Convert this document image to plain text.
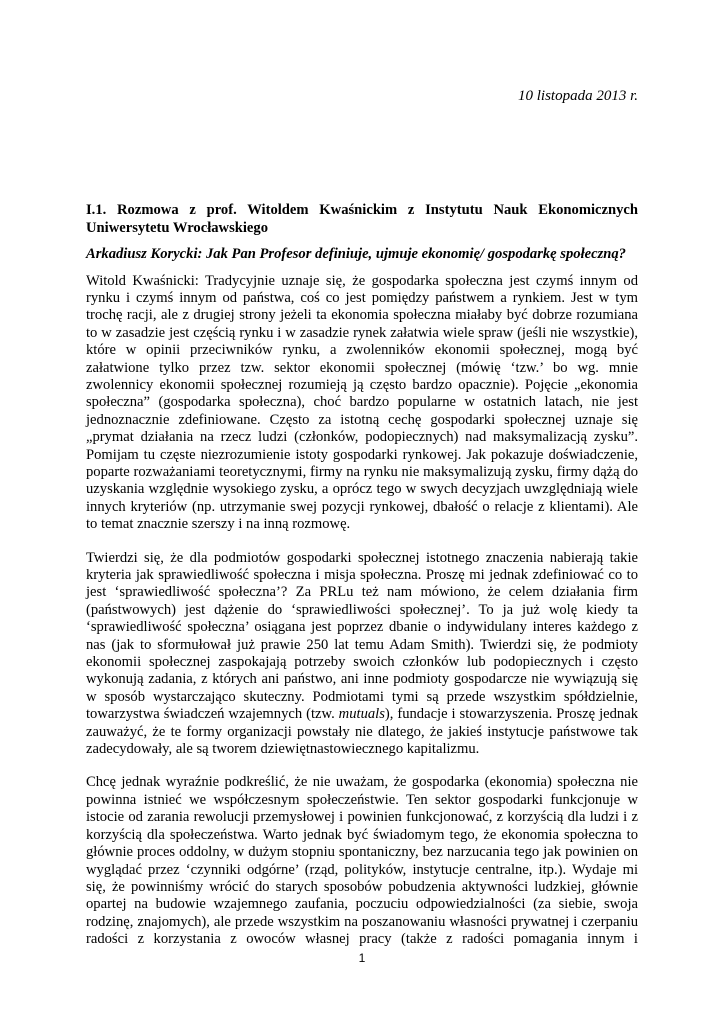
10 listopada 2013 r.

I.1. Rozmowa z prof. Witoldem Kwaśnickim z Instytutu Nauk Ekonomicznych Uniwersytetu Wrocławskiego

Arkadiusz Korycki: Jak Pan Profesor definiuje, ujmuje ekonomię/ gospodarkę społeczną?

Witold Kwaśnicki: Tradycyjnie uznaje się, że gospodarka społeczna jest czymś innym od
rynku i czymś innym od państwa, coś co jest pomiędzy państwem a rynkiem. Jest w tym
trochę racji, ale z drugiej strony jeżeli ta ekonomia społeczna miałaby być dobrze rozumiana
to w zasadzie jest częścią rynku i w zasadzie rynek załatwia wiele spraw (jeśli nie wszystkie),
które w opinii przeciwników rynku, a zwolenników ekonomii społecznej, mogą być
załatwione tylko przez tzw. sektor ekonomii społecznej (mówię ‘tzw.’ bo wg. mnie
zwolennicy ekonomii społecznej rozumieją ją często bardzo opacznie). Pojęcie „ekonomia
społeczna” (gospodarka społeczna), choć bardzo popularne w ostatnich latach, nie jest
jednoznacznie zdefiniowane. Często za istotną cechę gospodarki społecznej uznaje się
„prymat działania na rzecz ludzi (członków, podopiecznych) nad maksymalizacją zysku”.
Pomijam tu częste niezrozumienie istoty gospodarki rynkowej. Jak pokazuje doświadczenie,
poparte rozważaniami teoretycznymi, firmy na rynku nie maksymalizują zysku, firmy dążą do
uzyskania względnie wysokiego zysku, a oprócz tego w swych decyzjach uwzględniają wiele
innych kryteriów (np. utrzymanie swej pozycji rynkowej, dbałość o relacje z klientami). Ale
to temat znacznie szerszy i na inną rozmowę.
Twierdzi się, że dla podmiotów gospodarki społecznej istotnego znaczenia nabierają takie
kryteria jak sprawiedliwość społeczna i misja społeczna. Proszę mi jednak zdefiniować co to
jest ‘sprawiedliwość społeczna’? Za PRLu też nam mówiono, że celem działania firm
(państwowych) jest dążenie do ‘sprawiedliwości społecznej’. To ja już wolę kiedy ta
‘sprawiedliwość społeczna’ osiągana jest poprzez dbanie o indywidulany interes każdego z
nas (jak to sformułował już prawie 250 lat temu Adam Smith). Twierdzi się, że podmioty
ekonomii społecznej zaspokajają potrzeby swoich członków lub podopiecznych i często
wykonują zadania, z których ani państwo, ani inne podmioty gospodarcze nie wywiązują się
w sposób wystarczająco skuteczny. Podmiotami tymi są przede wszystkim spółdzielnie,
towarzystwa świadczeń wzajemnych (tzw. mutuals), fundacje i stowarzyszenia. Proszę jednak
zauważyć, że te formy organizacji powstały nie dlatego, że jakieś instytucje państwowe tak
zadecydowały, ale są tworem dziewiętnastowiecznego kapitalizmu.
Chcę jednak wyraźnie podkreślić, że nie uważam, że gospodarka (ekonomia) społeczna nie
powinna istnieć we współczesnym społeczeństwie. Ten sektor gospodarki funkcjonuje w
istocie od zarania rewolucji przemysłowej i powinien funkcjonować, z korzyścią dla ludzi i z
korzyścią dla społeczeństwa. Warto jednak być świadomym tego, że ekonomia społeczna to
głównie proces oddolny, w dużym stopniu spontaniczny, bez narzucania tego jak powinien on
wyglądać przez ‘czynniki odgórne’ (rząd, polityków, instytucje centralne, itp.). Wydaje mi
się, że powinniśmy wrócić do starych sposobów pobudzenia aktywności ludzkiej, głównie
opartej na budowie wzajemnego zaufania, poczuciu odpowiedzialności (za siebie, swoja
rodzinę, znajomych), ale przede wszystkim na poszanowaniu własności prywatnej i czerpaniu
radości z korzystania z owoców własnej pracy (także z radości pomagania innym i
1
